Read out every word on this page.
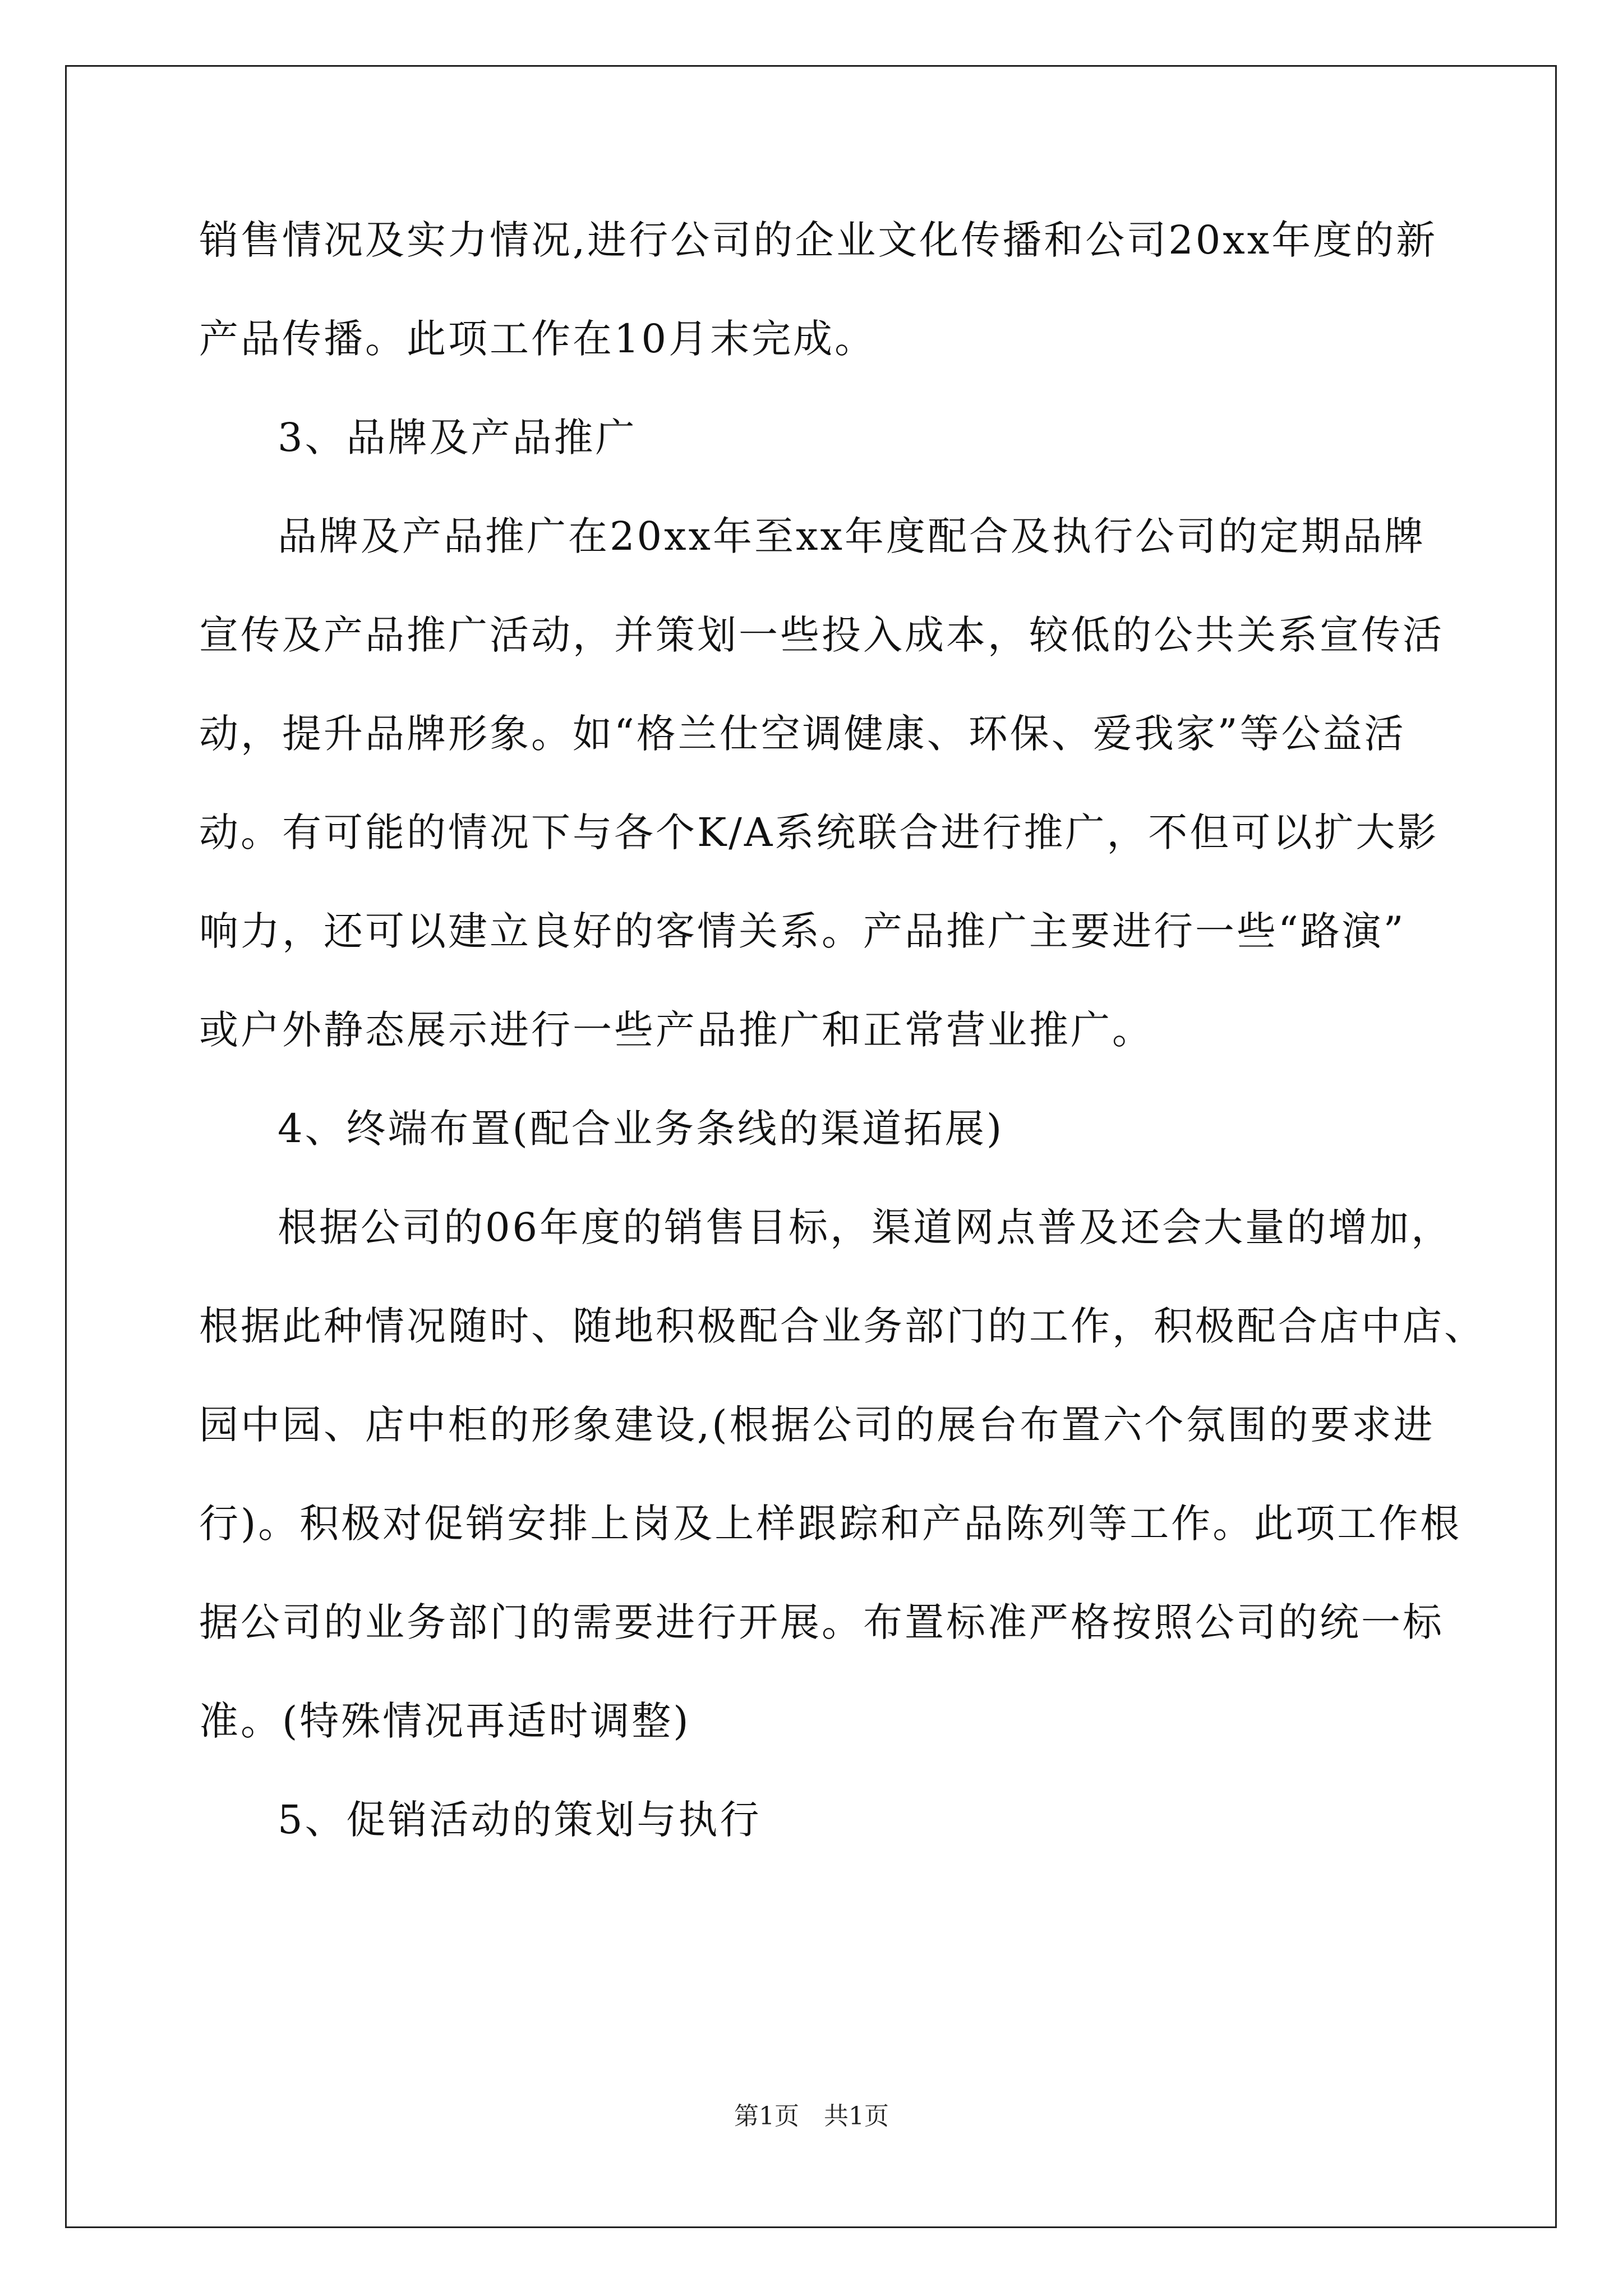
销售情况及实力情况,进行公司的企业文化传播和公司20xx年度的新
产品传播。此项工作在10月末完成。
3、品牌及产品推广
品牌及产品推广在20xx年至xx年度配合及执行公司的定期品牌
宣传及产品推广活动，并策划一些投入成本，较低的公共关系宣传活
动，提升品牌形象。如“格兰仕空调健康、环保、爱我家”等公益活
动。有可能的情况下与各个K/A系统联合进行推广，不但可以扩大影
响力，还可以建立良好的客情关系。产品推广主要进行一些“路演”
或户外静态展示进行一些产品推广和正常营业推广。
4、终端布置(配合业务条线的渠道拓展)
根据公司的06年度的销售目标，渠道网点普及还会大量的增加，
根据此种情况随时、随地积极配合业务部门的工作，积极配合店中店、
园中园、店中柜的形象建设,(根据公司的展台布置六个氛围的要求进
行)。积极对促销安排上岗及上样跟踪和产品陈列等工作。此项工作根
据公司的业务部门的需要进行开展。布置标准严格按照公司的统一标
准。(特殊情况再适时调整)
5、促销活动的策划与执行
第1页　共1页
